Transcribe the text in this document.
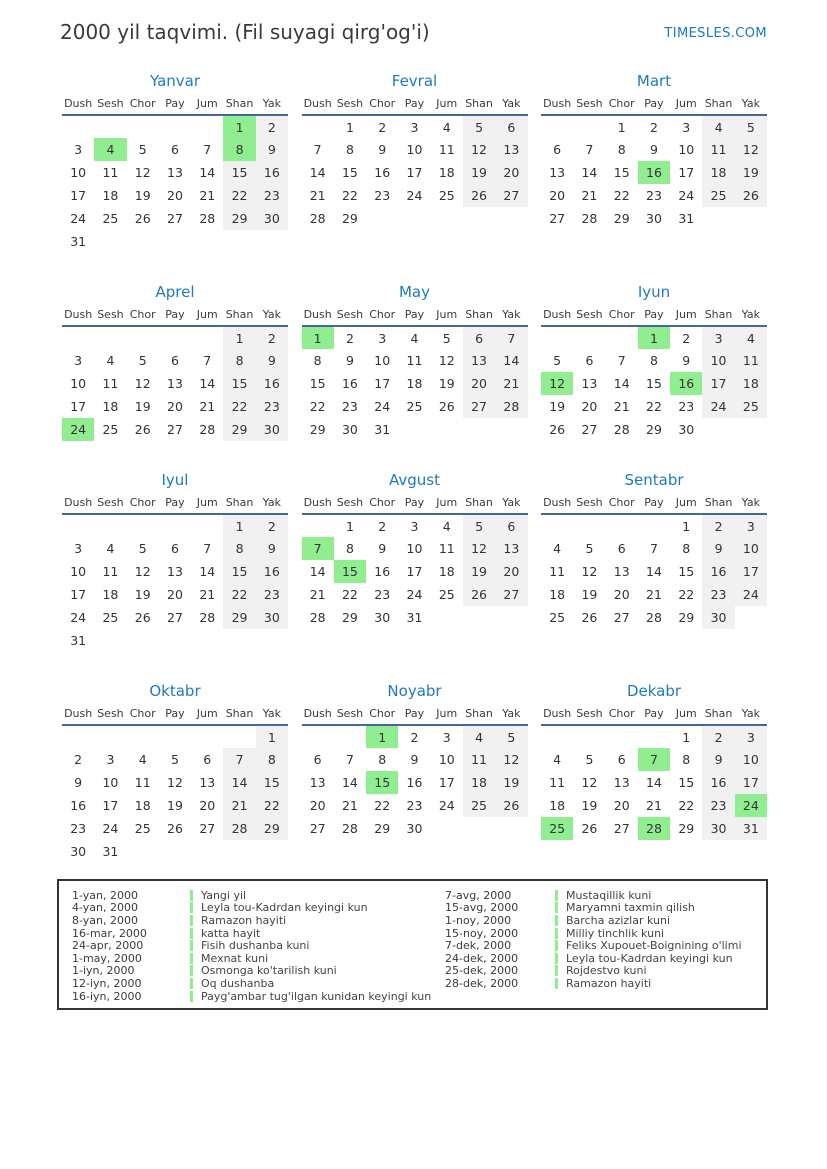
2000 yil taqvimi. (Fil suyagi qirg'og'i)	TIMESLES.COM
Yanvar
Dush	Sesh	Chor	Pay	Jum	Shan	Yak
					1	2
3	4	5	6	7	8	9
10	11	12	13	14	15	16
17	18	19	20	21	22	23
24	25	26	27	28	29	30
31						
Fevral
Dush	Sesh	Chor	Pay	Jum	Shan	Yak
	1	2	3	4	5	6
7	8	9	10	11	12	13
14	15	16	17	18	19	20
21	22	23	24	25	26	27
28	29					
Mart
Dush	Sesh	Chor	Pay	Jum	Shan	Yak
		1	2	3	4	5
6	7	8	9	10	11	12
13	14	15	16	17	18	19
20	21	22	23	24	25	26
27	28	29	30	31		
Aprel
Dush	Sesh	Chor	Pay	Jum	Shan	Yak
					1	2
3	4	5	6	7	8	9
10	11	12	13	14	15	16
17	18	19	20	21	22	23
24	25	26	27	28	29	30
May
Dush	Sesh	Chor	Pay	Jum	Shan	Yak
1	2	3	4	5	6	7
8	9	10	11	12	13	14
15	16	17	18	19	20	21
22	23	24	25	26	27	28
29	30	31				
Iyun
Dush	Sesh	Chor	Pay	Jum	Shan	Yak
			1	2	3	4
5	6	7	8	9	10	11
12	13	14	15	16	17	18
19	20	21	22	23	24	25
26	27	28	29	30		
Iyul
Dush	Sesh	Chor	Pay	Jum	Shan	Yak
					1	2
3	4	5	6	7	8	9
10	11	12	13	14	15	16
17	18	19	20	21	22	23
24	25	26	27	28	29	30
31						
Avgust
Dush	Sesh	Chor	Pay	Jum	Shan	Yak
	1	2	3	4	5	6
7	8	9	10	11	12	13
14	15	16	17	18	19	20
21	22	23	24	25	26	27
28	29	30	31			
Sentabr
Dush	Sesh	Chor	Pay	Jum	Shan	Yak
				1	2	3
4	5	6	7	8	9	10
11	12	13	14	15	16	17
18	19	20	21	22	23	24
25	26	27	28	29	30	
Oktabr
Dush	Sesh	Chor	Pay	Jum	Shan	Yak
						1
2	3	4	5	6	7	8
9	10	11	12	13	14	15
16	17	18	19	20	21	22
23	24	25	26	27	28	29
30	31					
Noyabr
Dush	Sesh	Chor	Pay	Jum	Shan	Yak
		1	2	3	4	5
6	7	8	9	10	11	12
13	14	15	16	17	18	19
20	21	22	23	24	25	26
27	28	29	30			
Dekabr
Dush	Sesh	Chor	Pay	Jum	Shan	Yak
				1	2	3
4	5	6	7	8	9	10
11	12	13	14	15	16	17
18	19	20	21	22	23	24
25	26	27	28	29	30	31
1-yan, 2000	Yangi yil
4-yan, 2000	Leyla tou-Kadrdan keyingi kun
8-yan, 2000	Ramazon hayiti
16-mar, 2000	katta hayit
24-apr, 2000	Fisih dushanba kuni
1-may, 2000	Mexnat kuni
1-iyn, 2000	Osmonga ko'tarilish kuni
12-iyn, 2000	Oq dushanba
16-iyn, 2000	Payg'ambar tug'ilgan kunidan keyingi kun
7-avg, 2000	Mustaqillik kuni
15-avg, 2000	Maryamni taxmin qilish
1-noy, 2000	Barcha azizlar kuni
15-noy, 2000	Milliy tinchlik kuni
7-dek, 2000	Feliks Xupouet-Boignining o'limi
24-dek, 2000	Leyla tou-Kadrdan keyingi kun
25-dek, 2000	Rojdestvo kuni
28-dek, 2000	Ramazon hayiti
